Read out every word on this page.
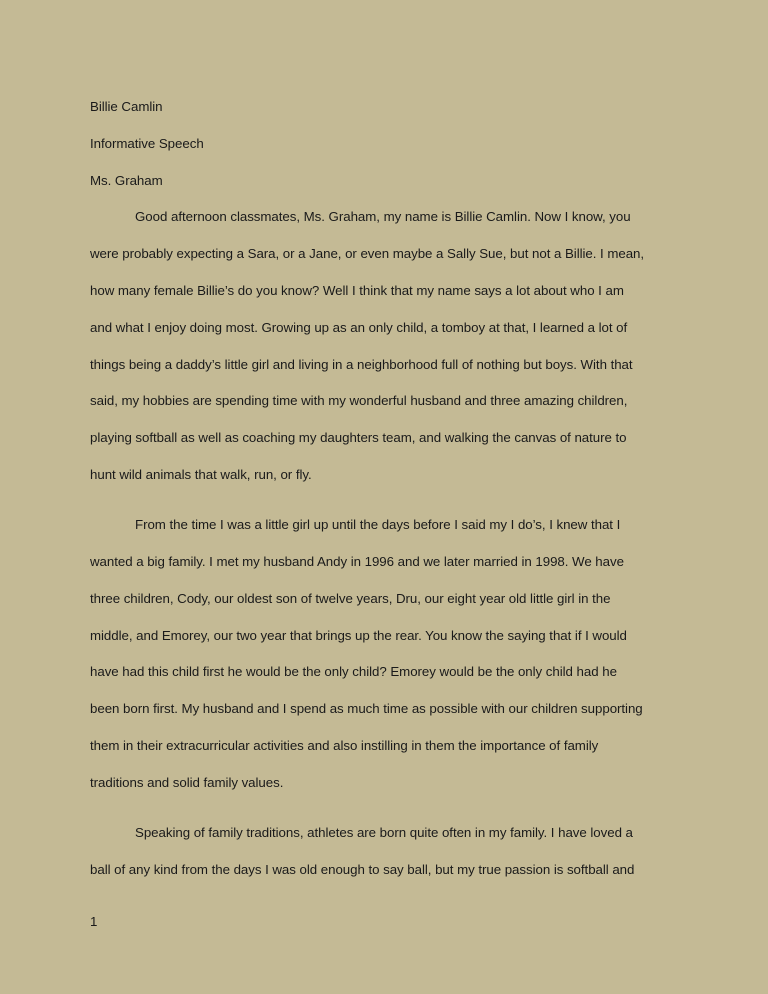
Billie Camlin

Informative Speech

Ms. Graham

Good afternoon classmates, Ms. Graham, my name is Billie Camlin. Now I know, you

were probably expecting a Sara, or a Jane, or even maybe a Sally Sue, but not a Billie. I mean,

how many female Billie’s do you know? Well I think that my name says a lot about who I am

and what I enjoy doing most. Growing up as an only child, a tomboy at that, I learned a lot of

things being a daddy’s little girl and living in a neighborhood full of nothing but boys. With that

said, my hobbies are spending time with my wonderful husband and three amazing children,

playing softball as well as coaching my daughters team, and walking the canvas of nature to

hunt wild animals that walk, run, or fly.

From the time I was a little girl up until the days before I said my I do’s, I knew that I

wanted a big family. I met my husband Andy in 1996 and we later married in 1998. We have

three children, Cody, our oldest son of twelve years, Dru, our eight year old little girl in the

middle, and Emorey, our two year that brings up the rear. You know the saying that if I would

have had this child first he would be the only child? Emorey would be the only child had he

been born first. My husband and I spend as much time as possible with our children supporting

them in their extracurricular activities and also instilling in them the importance of family

traditions and solid family values.

Speaking of family traditions, athletes are born quite often in my family. I have loved a

ball of any kind from the days I was old enough to say ball, but my true passion is softball and

1
